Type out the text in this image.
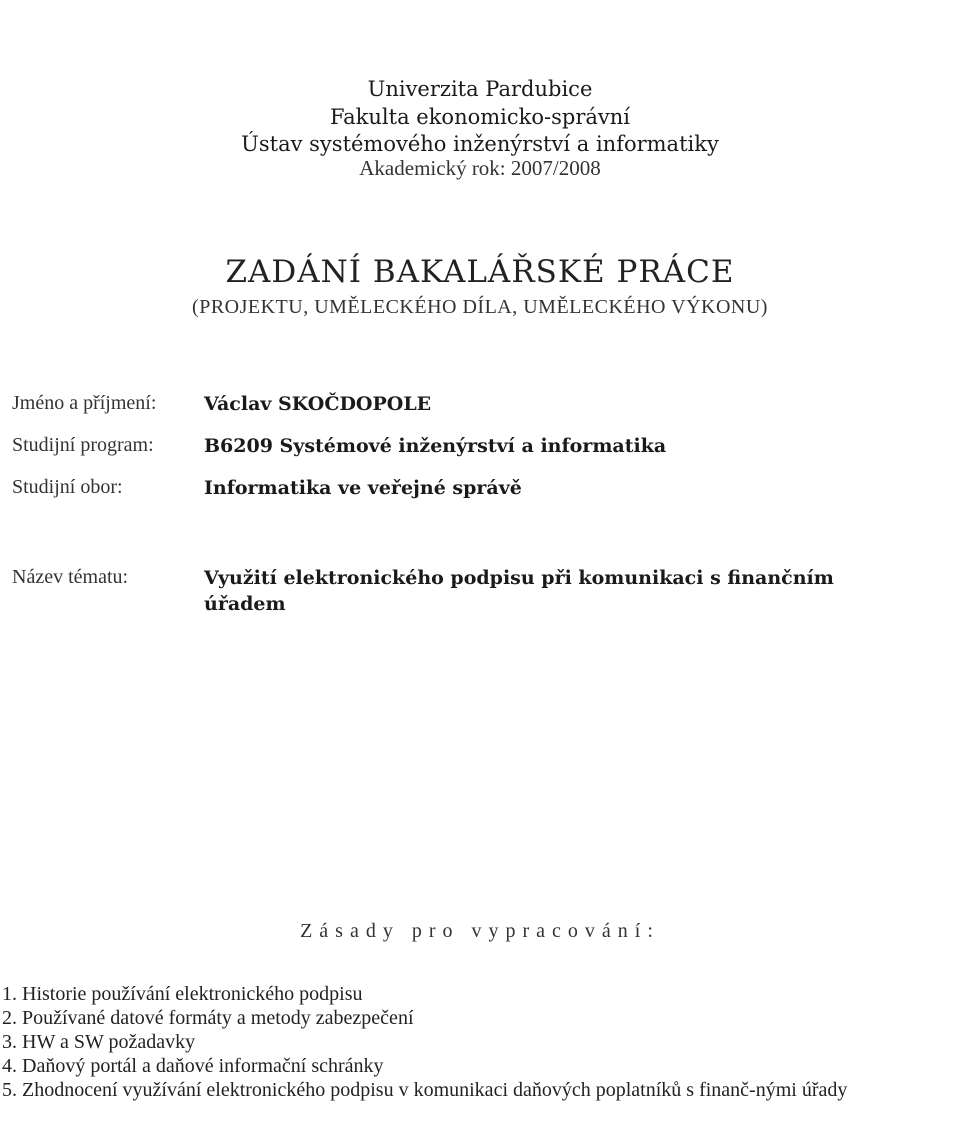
Univerzita Pardubice
Fakulta ekonomicko-správní
Ústav systémového inženýrství a informatiky
Akademický rok: 2007/2008
ZADÁNÍ BAKALÁŘSKÉ PRÁCE
(PROJEKTU, UMĚLECKÉHO DÍLA, UMĚLECKÉHO VÝKONU)
Jméno a příjmení:	Václav SKOČDOPOLE
Studijní program:	B6209 Systémové inženýrství a informatika
Studijní obor:	Informatika ve veřejné správě
Název tématu:	Využití elektronického podpisu při komunikaci s finančním úřadem
Zásady pro vypracování:
1. Historie používání elektronického podpisu
2. Používané datové formáty a metody zabezpečení
3. HW a SW požadavky
4. Daňový portál a daňové informační schránky
5. Zhodnocení využívání elektronického podpisu v komunikaci daňových poplatníků s finanč-nými úřady
